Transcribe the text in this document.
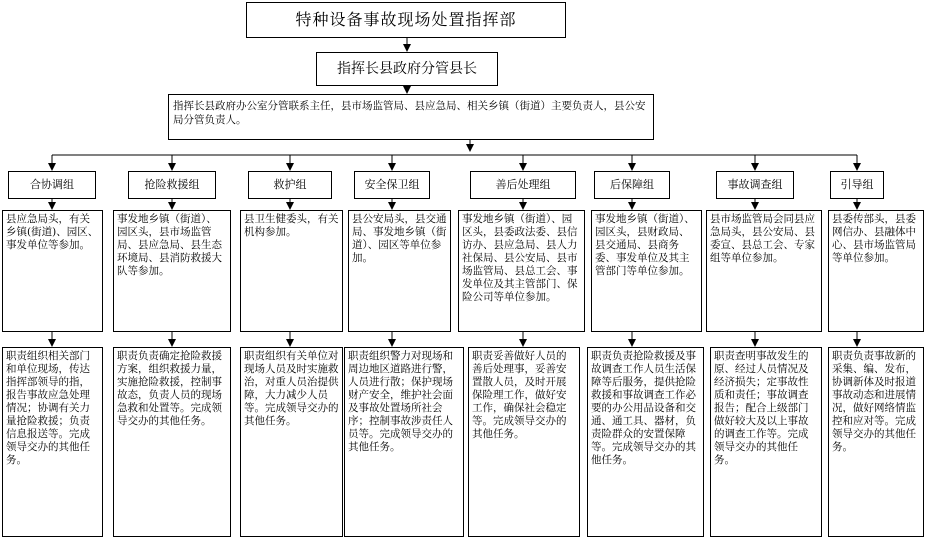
特种设备事故现场处置指挥部
指挥长县政府分管县长
指挥长县政府办公室分管联系主任，县市场监管局、县应急局、相关乡镇（街道）主要负责人，县公安局分管负责人。
合协调组	抢险救援组	救护组	安全保卫组	善后处理组	后保障组	事故调查组	引导组
县应急局头，有关乡镇(街道)、园区、事发单位等参加。
事发地乡镇（街道）、园区头，县市场监管局、县应急局、县生态环境局、县消防救援大队等参加。
县卫生健委头，有关机构参加。
县公安局头，县交通局、事发地乡镇（街道）、园区等单位参加。
事发地乡镇（街道）、园区头，县委政法委、县信访办、县应急局、县人力社保局、县公安局、县市场监管局、县总工会、事发单位及其主管部门、保险公司等单位参加。
事发地乡镇（街道）、园区头，县财政局、县交通局、县商务委、事发单位及其主管部门等单位参加。
县市场监管局会同县应急局头，县公安局、县委宣、县总工会、专家组等单位参加。
县委传部头，县委网信办、县融体中心、县市场监管局等单位参加。
职责组织相关部门和单位现场，传达指挥部领导的指，报告事故应急处理情况；协调有关力量抢险救援；负责信息报送等。完成领导交办的其他任务。
职责负责确定抢险救援方案，组织救援力量，实施抢险救援，控制事故态，负责人员的现场急救和处置等。完成领导交办的其他任务。
职责组织有关单位对现场人员及时实施救治，对重人员治提供障，大力减少人员等。完成领导交办的其他任务。
职责组织警力对现场和周边地区道路进行警，人员进行散；保护现场财产安全，维护社会面及事故处置场所社会序；控制事故涉责任人员等。完成领导交办的其他任务。
职责妥善做好人员的善后处理事，妥善安置散人员，及时开展保险理工作，做好安工作，确保社会稳定等。完成领导交办的其他任务。
职责负责抢险救援及事故调查工作人员生活保障等后服务，提供抢险救援和事故调查工作必要的办公用品设备和交通、通工具、器材，负责险群众的安置保障等。完成领导交办的其他任务。
职责查明事故发生的原、经过人员情况及经济损失；定事故性质和责任；事故调查报告；配合上级部门做好较大及以上事故的调查工作等。完成领导交办的其他任务。
职责负责事故新的采集、编、发布，协调新体及时报道事故动态和进展情况，做好网络情监控和应对等。完成领导交办的其他任务。
